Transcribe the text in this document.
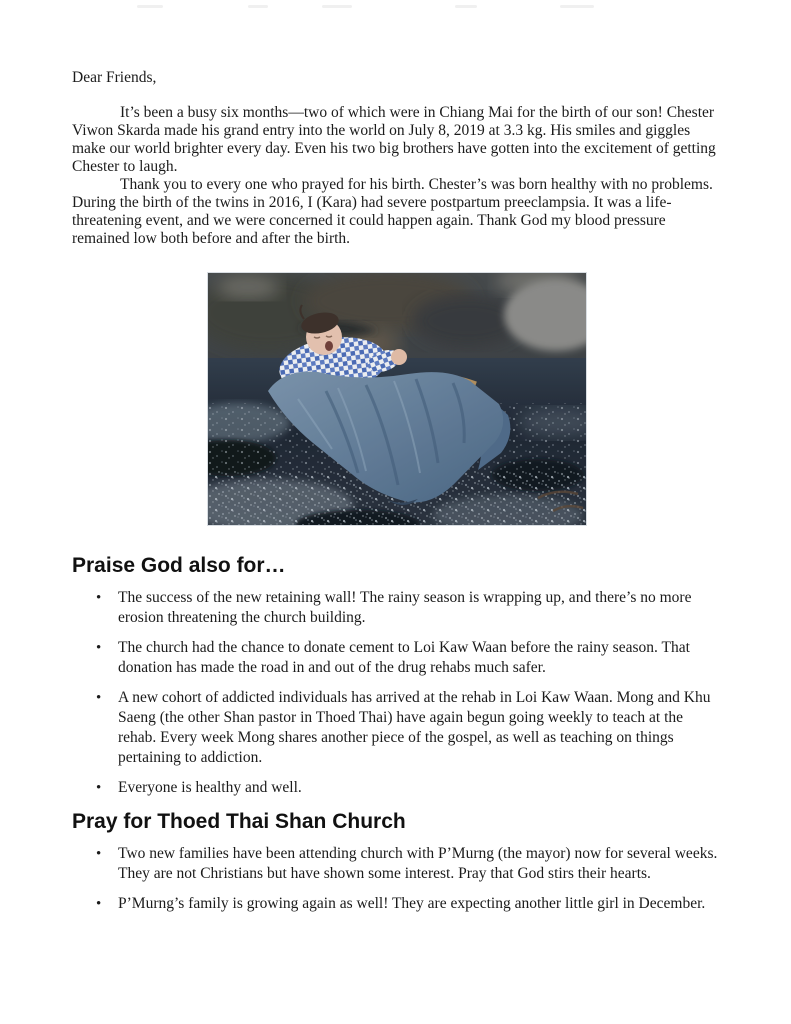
Dear Friends,

It’s been a busy six months—two of which were in Chiang Mai for the birth of our son! Chester Viwon Skarda made his grand entry into the world on July 8, 2019 at 3.3 kg. His smiles and giggles make our world brighter every day. Even his two big brothers have gotten into the excitement of getting Chester to laugh.

Thank you to every one who prayed for his birth. Chester’s was born healthy with no problems. During the birth of the twins in 2016, I (Kara) had severe postpartum preeclampsia. It was a life-threatening event, and we were concerned it could happen again. Thank God my blood pressure remained low both before and after the birth.

Praise God also for…
• The success of the new retaining wall! The rainy season is wrapping up, and there’s no more erosion threatening the church building.
• The church had the chance to donate cement to Loi Kaw Waan before the rainy season. That donation has made the road in and out of the drug rehabs much safer.
• A new cohort of addicted individuals has arrived at the rehab in Loi Kaw Waan. Mong and Khu Saeng (the other Shan pastor in Thoed Thai) have again begun going weekly to teach at the rehab. Every week Mong shares another piece of the gospel, as well as teaching on things pertaining to addiction.
• Everyone is healthy and well.
Pray for Thoed Thai Shan Church
• Two new families have been attending church with P’Murng (the mayor) now for several weeks. They are not Christians but have shown some interest. Pray that God stirs their hearts.
• P’Murng’s family is growing again as well! They are expecting another little girl in December.
